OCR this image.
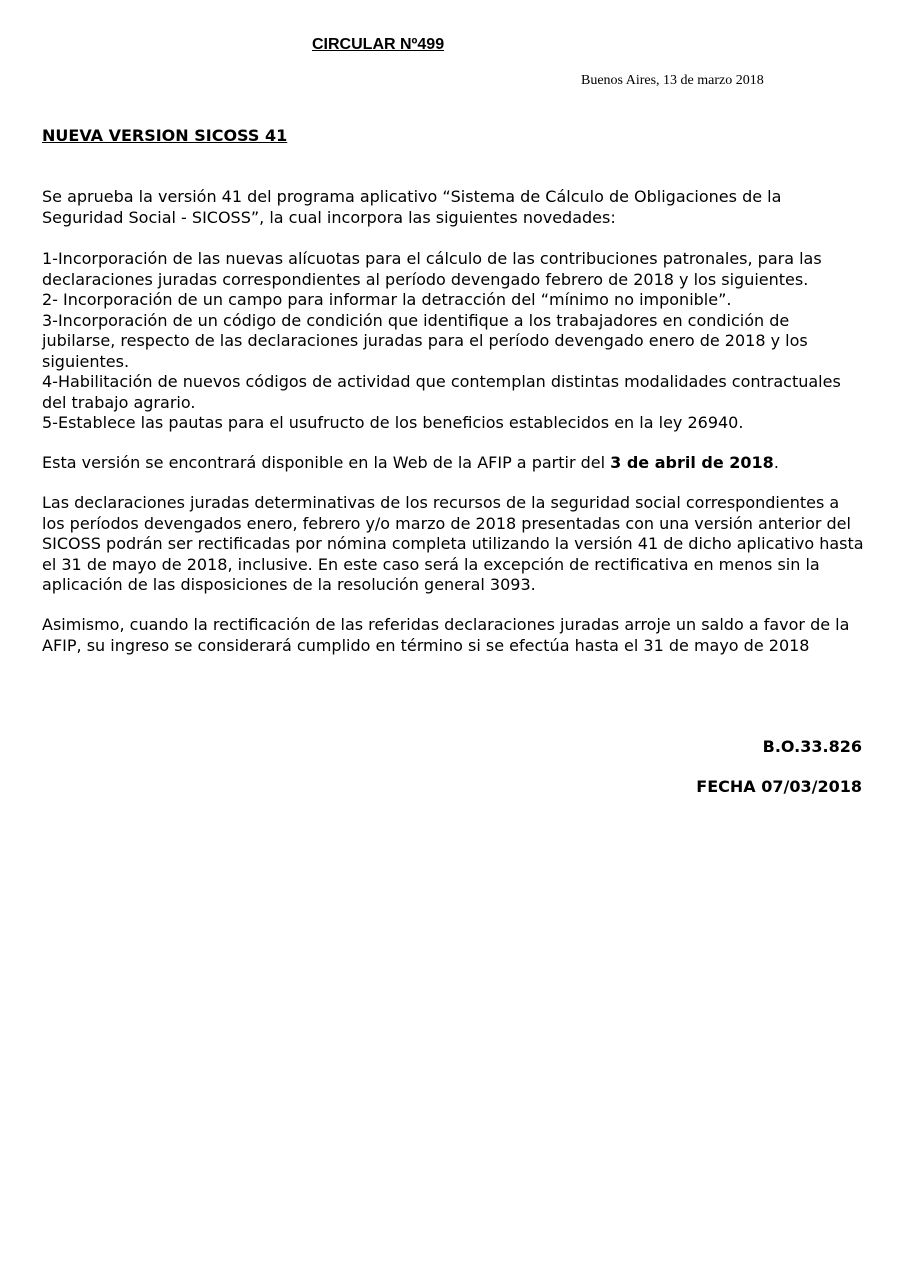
CIRCULAR Nº499

Buenos Aires, 13 de marzo 2018

NUEVA VERSION SICOSS 41

Se aprueba la versión 41 del programa aplicativo “Sistema de Cálculo de Obligaciones de la Seguridad Social - SICOSS”, la cual incorpora las siguientes novedades:

1-Incorporación de las nuevas alícuotas para el cálculo de las contribuciones patronales, para las declaraciones juradas correspondientes al período devengado febrero de 2018 y los siguientes.
2- Incorporación de un campo para informar la detracción del “mínimo no imponible”.
3-Incorporación de un código de condición que identifique a los trabajadores en condición de jubilarse, respecto de las declaraciones juradas para el período devengado enero de 2018 y los siguientes.
4-Habilitación de nuevos códigos de actividad que contemplan distintas modalidades contractuales del trabajo agrario.
5-Establece las pautas para el usufructo de los beneficios establecidos en la ley 26940.

Esta versión se encontrará disponible en la Web de la AFIP a partir del 3 de abril de 2018.

Las declaraciones juradas determinativas de los recursos de la seguridad social correspondientes a los períodos devengados enero, febrero y/o marzo de 2018 presentadas con una versión anterior del SICOSS podrán ser rectificadas por nómina completa utilizando la versión 41 de dicho aplicativo hasta el 31 de mayo de 2018, inclusive. En este caso será la excepción de rectificativa en menos sin la aplicación de las disposiciones de la resolución general 3093.

Asimismo, cuando la rectificación de las referidas declaraciones juradas arroje un saldo a favor de la AFIP, su ingreso se considerará cumplido en término si se efectúa hasta el 31 de mayo de 2018

B.O.33.826

FECHA 07/03/2018
